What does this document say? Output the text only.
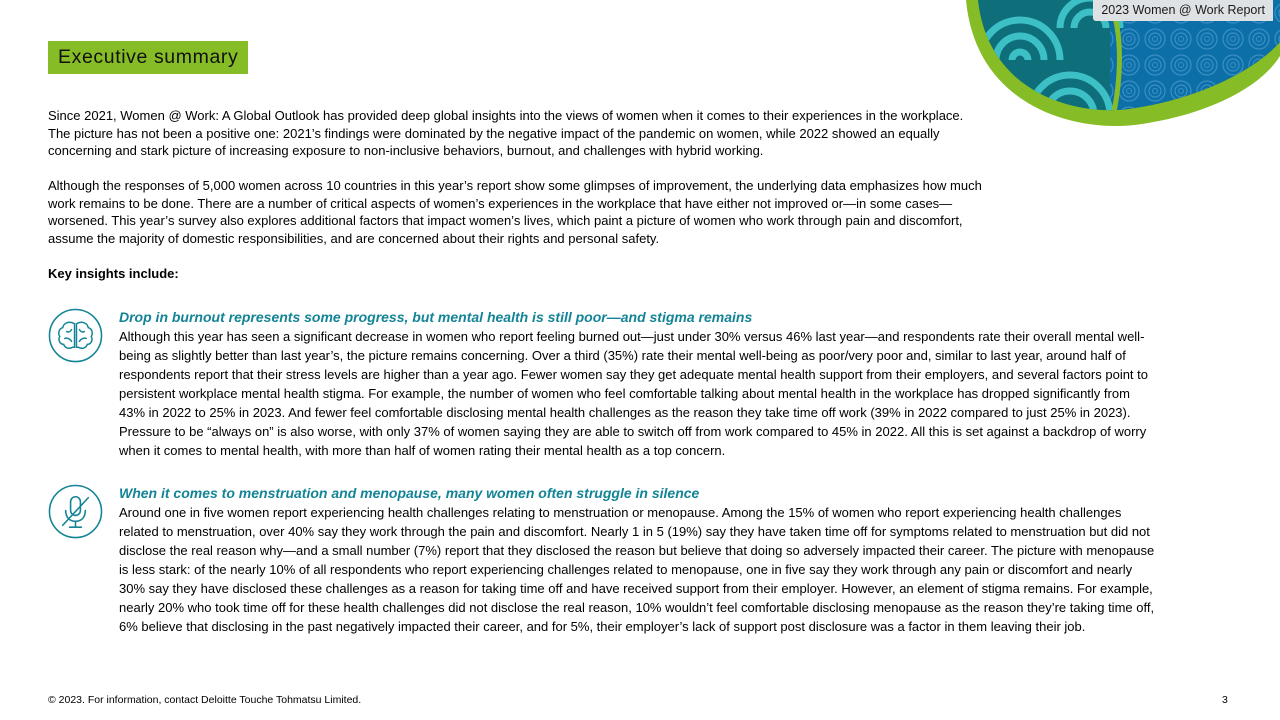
2023 Women @ Work Report
Executive summary

Since 2021, Women @ Work: A Global Outlook has provided deep global insights into the views of women when it comes to their experiences in the workplace. The picture has not been a positive one: 2021’s findings were dominated by the negative impact of the pandemic on women, while 2022 showed an equally concerning and stark picture of increasing exposure to non-inclusive behaviors, burnout, and challenges with hybrid working.

Although the responses of 5,000 women across 10 countries in this year’s report show some glimpses of improvement, the underlying data emphasizes how much work remains to be done. There are a number of critical aspects of women’s experiences in the workplace that have either not improved or—in some cases—worsened. This year’s survey also explores additional factors that impact women’s lives, which paint a picture of women who work through pain and discomfort, assume the majority of domestic responsibilities, and are concerned about their rights and personal safety.

Key insights include:
Drop in burnout represents some progress, but mental health is still poor—and stigma remains

Although this year has seen a significant decrease in women who report feeling burned out—just under 30% versus 46% last year—and respondents rate their overall mental well-being as slightly better than last year’s, the picture remains concerning. Over a third (35%) rate their mental well-being as poor/very poor and, similar to last year, around half of respondents report that their stress levels are higher than a year ago. Fewer women say they get adequate mental health support from their employers, and several factors point to persistent workplace mental health stigma. For example, the number of women who feel comfortable talking about mental health in the workplace has dropped significantly from 43% in 2022 to 25% in 2023. And fewer feel comfortable disclosing mental health challenges as the reason they take time off work (39% in 2022 compared to just 25% in 2023). Pressure to be “always on” is also worse, with only 37% of women saying they are able to switch off from work compared to 45% in 2022. All this is set against a backdrop of worry when it comes to mental health, with more than half of women rating their mental health as a top concern.

When it comes to menstruation and menopause, many women often struggle in silence

Around one in five women report experiencing health challenges relating to menstruation or menopause. Among the 15% of women who report experiencing health challenges related to menstruation, over 40% say they work through the pain and discomfort. Nearly 1 in 5 (19%) say they have taken time off for symptoms related to menstruation but did not disclose the real reason why—and a small number (7%) report that they disclosed the reason but believe that doing so adversely impacted their career. The picture with menopause is less stark: of the nearly 10% of all respondents who report experiencing challenges related to menopause, one in five say they work through any pain or discomfort and nearly 30% say they have disclosed these challenges as a reason for taking time off and have received support from their employer. However, an element of stigma remains. For example, nearly 20% who took time off for these health challenges did not disclose the real reason, 10% wouldn’t feel comfortable disclosing menopause as the reason they’re taking time off, 6% believe that disclosing in the past negatively impacted their career, and for 5%, their employer’s lack of support post disclosure was a factor in them leaving their job.

© 2023. For information, contact Deloitte Touche Tohmatsu Limited.	3
